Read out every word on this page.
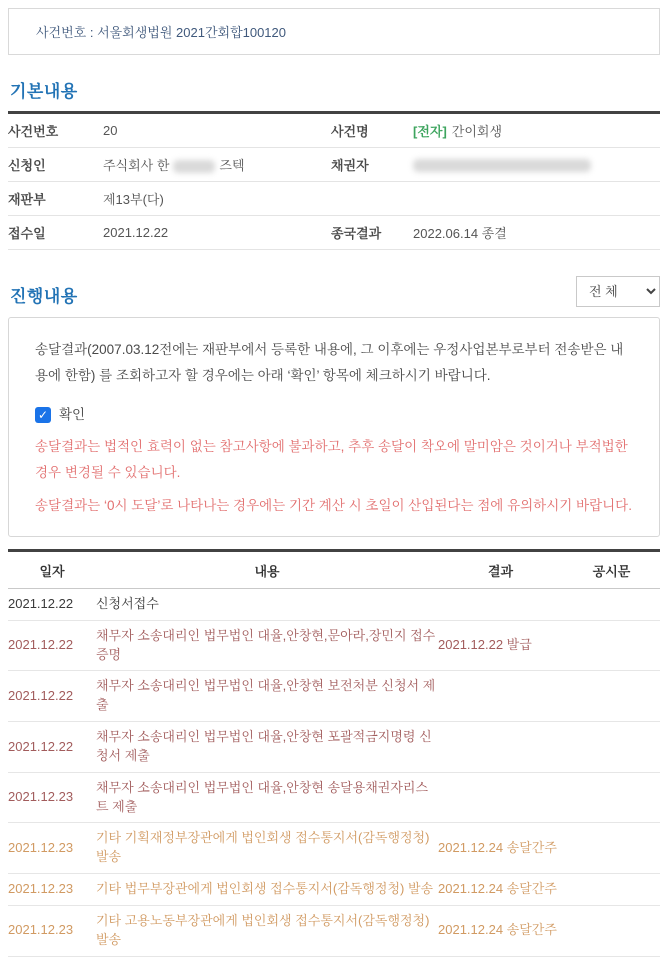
사건번호 : 서울회생법원 2021간회합100120
기본내용
사건번호	20	사건명	[전자] 간이회생
신청인	주식회사 한 즈텍	채권자	
재판부	제13부(다)		
접수일	2021.12.22	종국결과	2022.06.14 종결
진행내용
전 체
송달결과(2007.03.12전에는 재판부에서 등록한 내용에, 그 이후에는 우정사업본부로부터 전송받은 내용에 한함) 를 조회하고자 할 경우에는 아래 ‘확인’ 항목에 체크하시기 바랍니다.
✓ 확인
송달결과는 법적인 효력이 없는 참고사항에 불과하고, 추후 송달이 착오에 말미암은 것이거나 부적법한 경우 변경될 수 있습니다.
송달결과는 ‘0시 도달’로 나타나는 경우에는 기간 계산 시 초일이 산입된다는 점에 유의하시기 바랍니다.
일자	내용	결과	공시문
2021.12.22	신청서접수		
2021.12.22	채무자 소송대리인 법무법인 대율,안창현,문아라,장민지 접수증명	2021.12.22 발급	
2021.12.22	채무자 소송대리인 법무법인 대율,안창현 보전처분 신청서 제출		
2021.12.22	채무자 소송대리인 법무법인 대율,안창현 포괄적금지명령 신청서 제출		
2021.12.23	채무자 소송대리인 법무법인 대율,안창현 송달용채권자리스트 제출		
2021.12.23	기타 기획재정부장관에게 법인회생 접수통지서(감독행정청) 발송	2021.12.24 송달간주	
2021.12.23	기타 법무부장관에게 법인회생 접수통지서(감독행정청) 발송	2021.12.24 송달간주	
2021.12.23	기타 고용노동부장관에게 법인회생 접수통지서(감독행정청) 발송	2021.12.24 송달간주	
